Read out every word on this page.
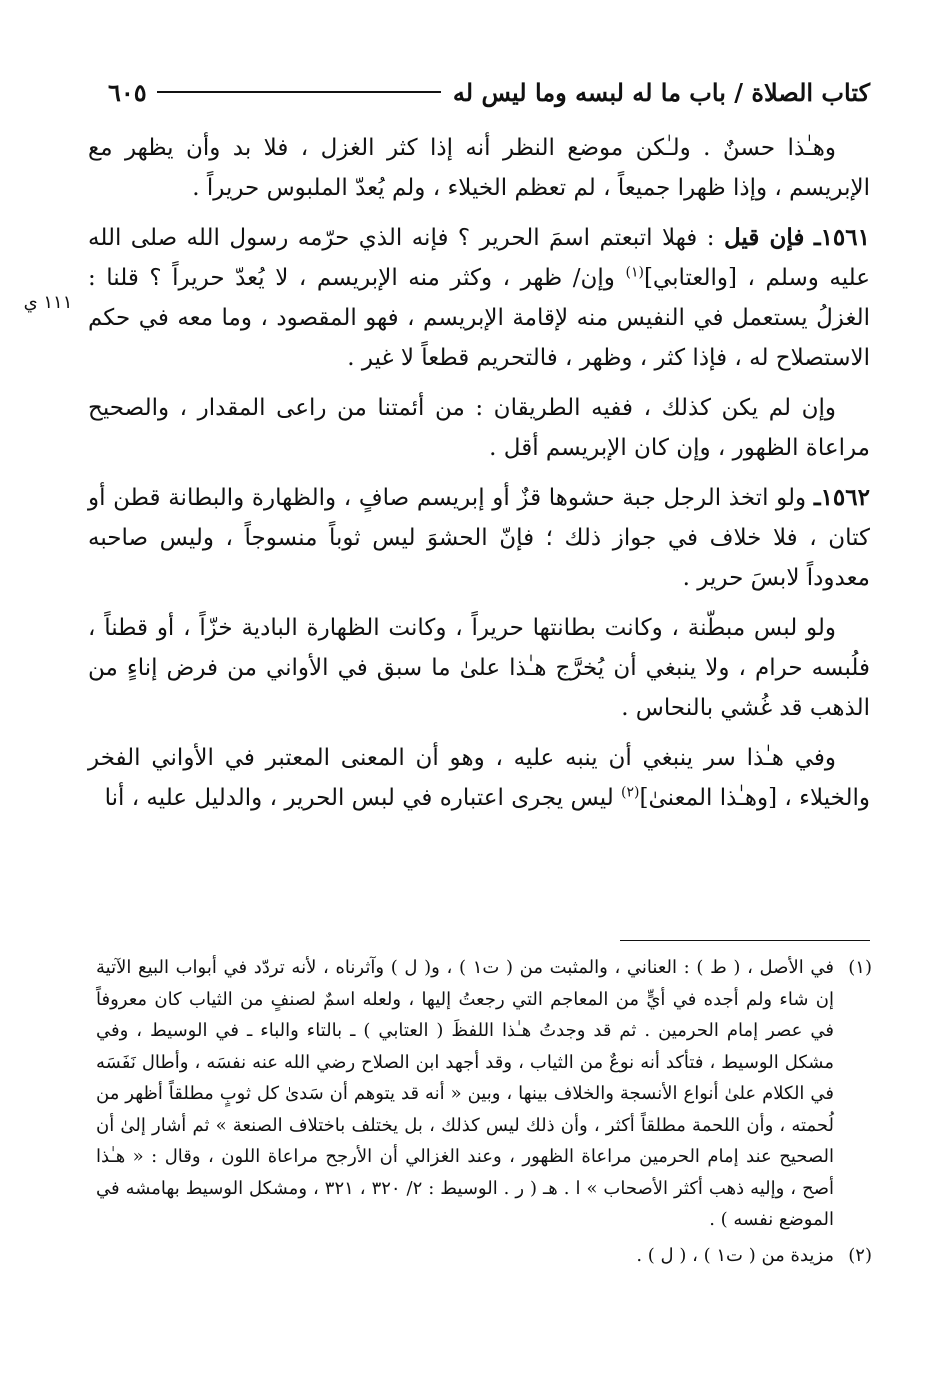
كتاب الصلاة / باب ما له لبسه وما ليس له
٦٠٥
١١١ ي

وهـٰذا حسنٌ . ولـٰكن موضع النظر أنه إذا كثر الغزل ، فلا بد وأن يظهر مع الإبريسم ، وإذا ظهرا جميعاً ، لم تعظم الخيلاء ، ولم يُعدّ الملبوس حريراً .

١٥٦١ـ فإن قيل : فهلا اتبعتم اسمَ الحرير ؟ فإنه الذي حرّمه رسول الله صلى الله عليه وسلم ، [والعتابي]$^{(١)}$ وإن/ ظهر ، وكثر منه الإبريسم ، لا يُعدّ حريراً ؟ قلنا : الغزلُ يستعمل في النفيس منه لإقامة الإبريسم ، فهو المقصود ، وما معه في حكم الاستصلاح له ، فإذا كثر ، وظهر ، فالتحريم قطعاً لا غير .

وإن لم يكن كذلك ، ففيه الطريقان : من أئمتنا من راعى المقدار ، والصحيح مراعاة الظهور ، وإن كان الإبريسم أقل .

١٥٦٢ـ ولو اتخذ الرجل جبة حشوها قزٌ أو إبريسم صافٍ ، والظهارة والبطانة قطن أو كتان ، فلا خلاف في جواز ذلك ؛ فإنّ الحشوَ ليس ثوباً منسوجاً ، وليس صاحبه معدوداً لابسَ حرير .

ولو لبس مبطّنة ، وكانت بطانتها حريراً ، وكانت الظهارة البادية خزّاً ، أو قطناً ، فلُبسه حرام ، ولا ينبغي أن يُخرَّج هـٰذا علىٰ ما سبق في الأواني من فرض إناءٍ من الذهب قد غُشي بالنحاس .

وفي هـٰذا سر ينبغي أن ينبه عليه ، وهو أن المعنى المعتبر في الأواني الفخر والخيلاء ، [وهـٰذا المعنىٰ]$^{(٢)}$ ليس يجرى اعتباره في لبس الحرير ، والدليل عليه ، أنا

(١)
في الأصل ، ( ط ) : العناني ، والمثبت من ( ت١ ) ، و( ل ) وآثرناه ، لأنه تردّد في أبواب البيع الآتية إن شاء ولم أجده في أيٍّ من المعاجم التي رجعتُ إليها ، ولعله اسمٌ لصنفٍ من الثياب كان معروفاً في عصر إمام الحرمين . ثم قد وجدتُ هـٰذا اللفظَ ( العتابي ) ـ بالتاء والباء ـ في الوسيط ، وفي مشكل الوسيط ، فتأكد أنه نوعٌ من الثياب ، وقد أجهد ابن الصلاح رضي الله عنه نفسَه ، وأطال نَفَسَه في الكلام علىٰ أنواع الأنسجة والخلاف بينها ، وبين « أنه قد يتوهم أن سَدىٰ كل ثوبٍ مطلقاً أظهر من لُحمته ، وأن اللحمة مطلقاً أكثر ، وأن ذلك ليس كذلك ، بل يختلف باختلاف الصنعة » ثم أشار إلىٰ أن الصحيح عند إمام الحرمين مراعاة الظهور ، وعند الغزالي أن الأرجح مراعاة اللون ، وقال : « هـٰذا أصح ، وإليه ذهب أكثر الأصحاب » ا . هـ ( ر . الوسيط : ٢/ ٣٢٠ ، ٣٢١ ، ومشكل الوسيط بهامشه في الموضع نفسه ) .
(٢)
مزيدة من ( ت١ ) ، ( ل ) .
